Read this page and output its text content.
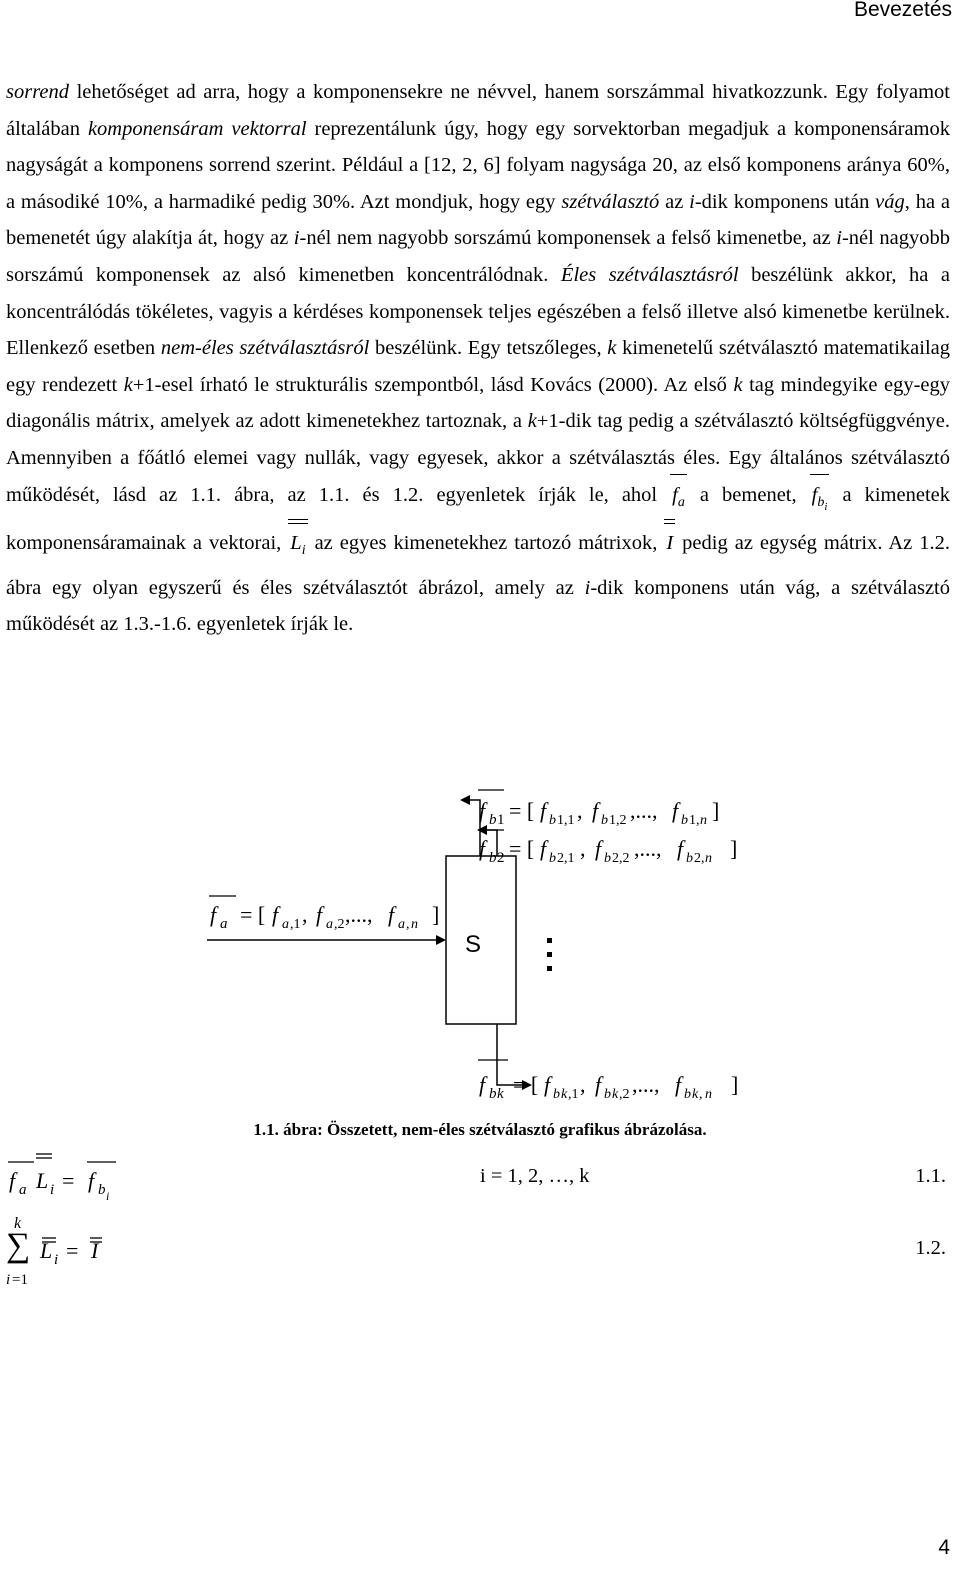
Bevezetés

sorrend lehetőséget ad arra, hogy a komponensekre ne névvel, hanem sorszámmal hivatkozzunk. Egy folyamot általában komponensáram vektorral reprezentálunk úgy, hogy egy sorvektorban megadjuk a komponensáramok nagyságát a komponens sorrend szerint. Például a [12, 2, 6] folyam nagysága 20, az első komponens aránya 60%, a másodiké 10%, a harmadiké pedig 30%. Azt mondjuk, hogy egy szétválasztó az i-dik komponens után vág, ha a bemenetét úgy alakítja át, hogy az i-nél nem nagyobb sorszámú komponensek a felső kimenetbe, az i-nél nagyobb sorszámú komponensek az alsó kimenetben koncentrálódnak. Éles szétválasztásról beszélünk akkor, ha a koncentrálódás tökéletes, vagyis a kérdéses komponensek teljes egészében a felső illetve alsó kimenetbe kerülnek. Ellenkező esetben nem-éles szétválasztásról beszélünk. Egy tetszőleges, k kimenetelű szétválasztó matematikailag egy rendezett k+1-esel írható le strukturális szempontból, lásd Kovács (2000). Az első k tag mindegyike egy-egy diagonális mátrix, amelyek az adott kimenetekhez tartoznak, a k+1-dik tag pedig a szétválasztó költségfüggvénye. Amennyiben a főátló elemei vagy nullák, vagy egyesek, akkor a szétválasztás éles. Egy általános szétválasztó működését, lásd az 1.1. ábra, az 1.1. és 1.2. egyenletek írják le, ahol
$f_a$ a bemenet,
$f_{b_i}$ a kimenetek komponensáramainak a vektorai,
$L_i$ az egyes kimenetekhez tartozó mátrixok,
I pedig az egység mátrix. Az 1.2. ábra egy olyan egyszerű és éles szétválasztót ábrázol, amely az i-dik komponens után vág, a szétválasztó működését az 1.3.-1.6. egyenletek írják le.

S
f b 1 = [ f b 1,1 , f b 1,2 ,..., f b 1, n ]
f b 2 = [ f b 2,1 , f b 2,2 ,..., f b 2, n ]
f a = [ f a ,1 , f a ,2 ,..., f a , n ]
f b k = [ f b k ,1 , f b k ,2 ,..., f b k , n ]
f a L i = f b i
k
∑
i =1
L i = I
1.1. ábra: Összetett, nem-éles szétválasztó grafikus ábrázolása.
i = 1, 2, …, k	1.1.
1.2.
4
